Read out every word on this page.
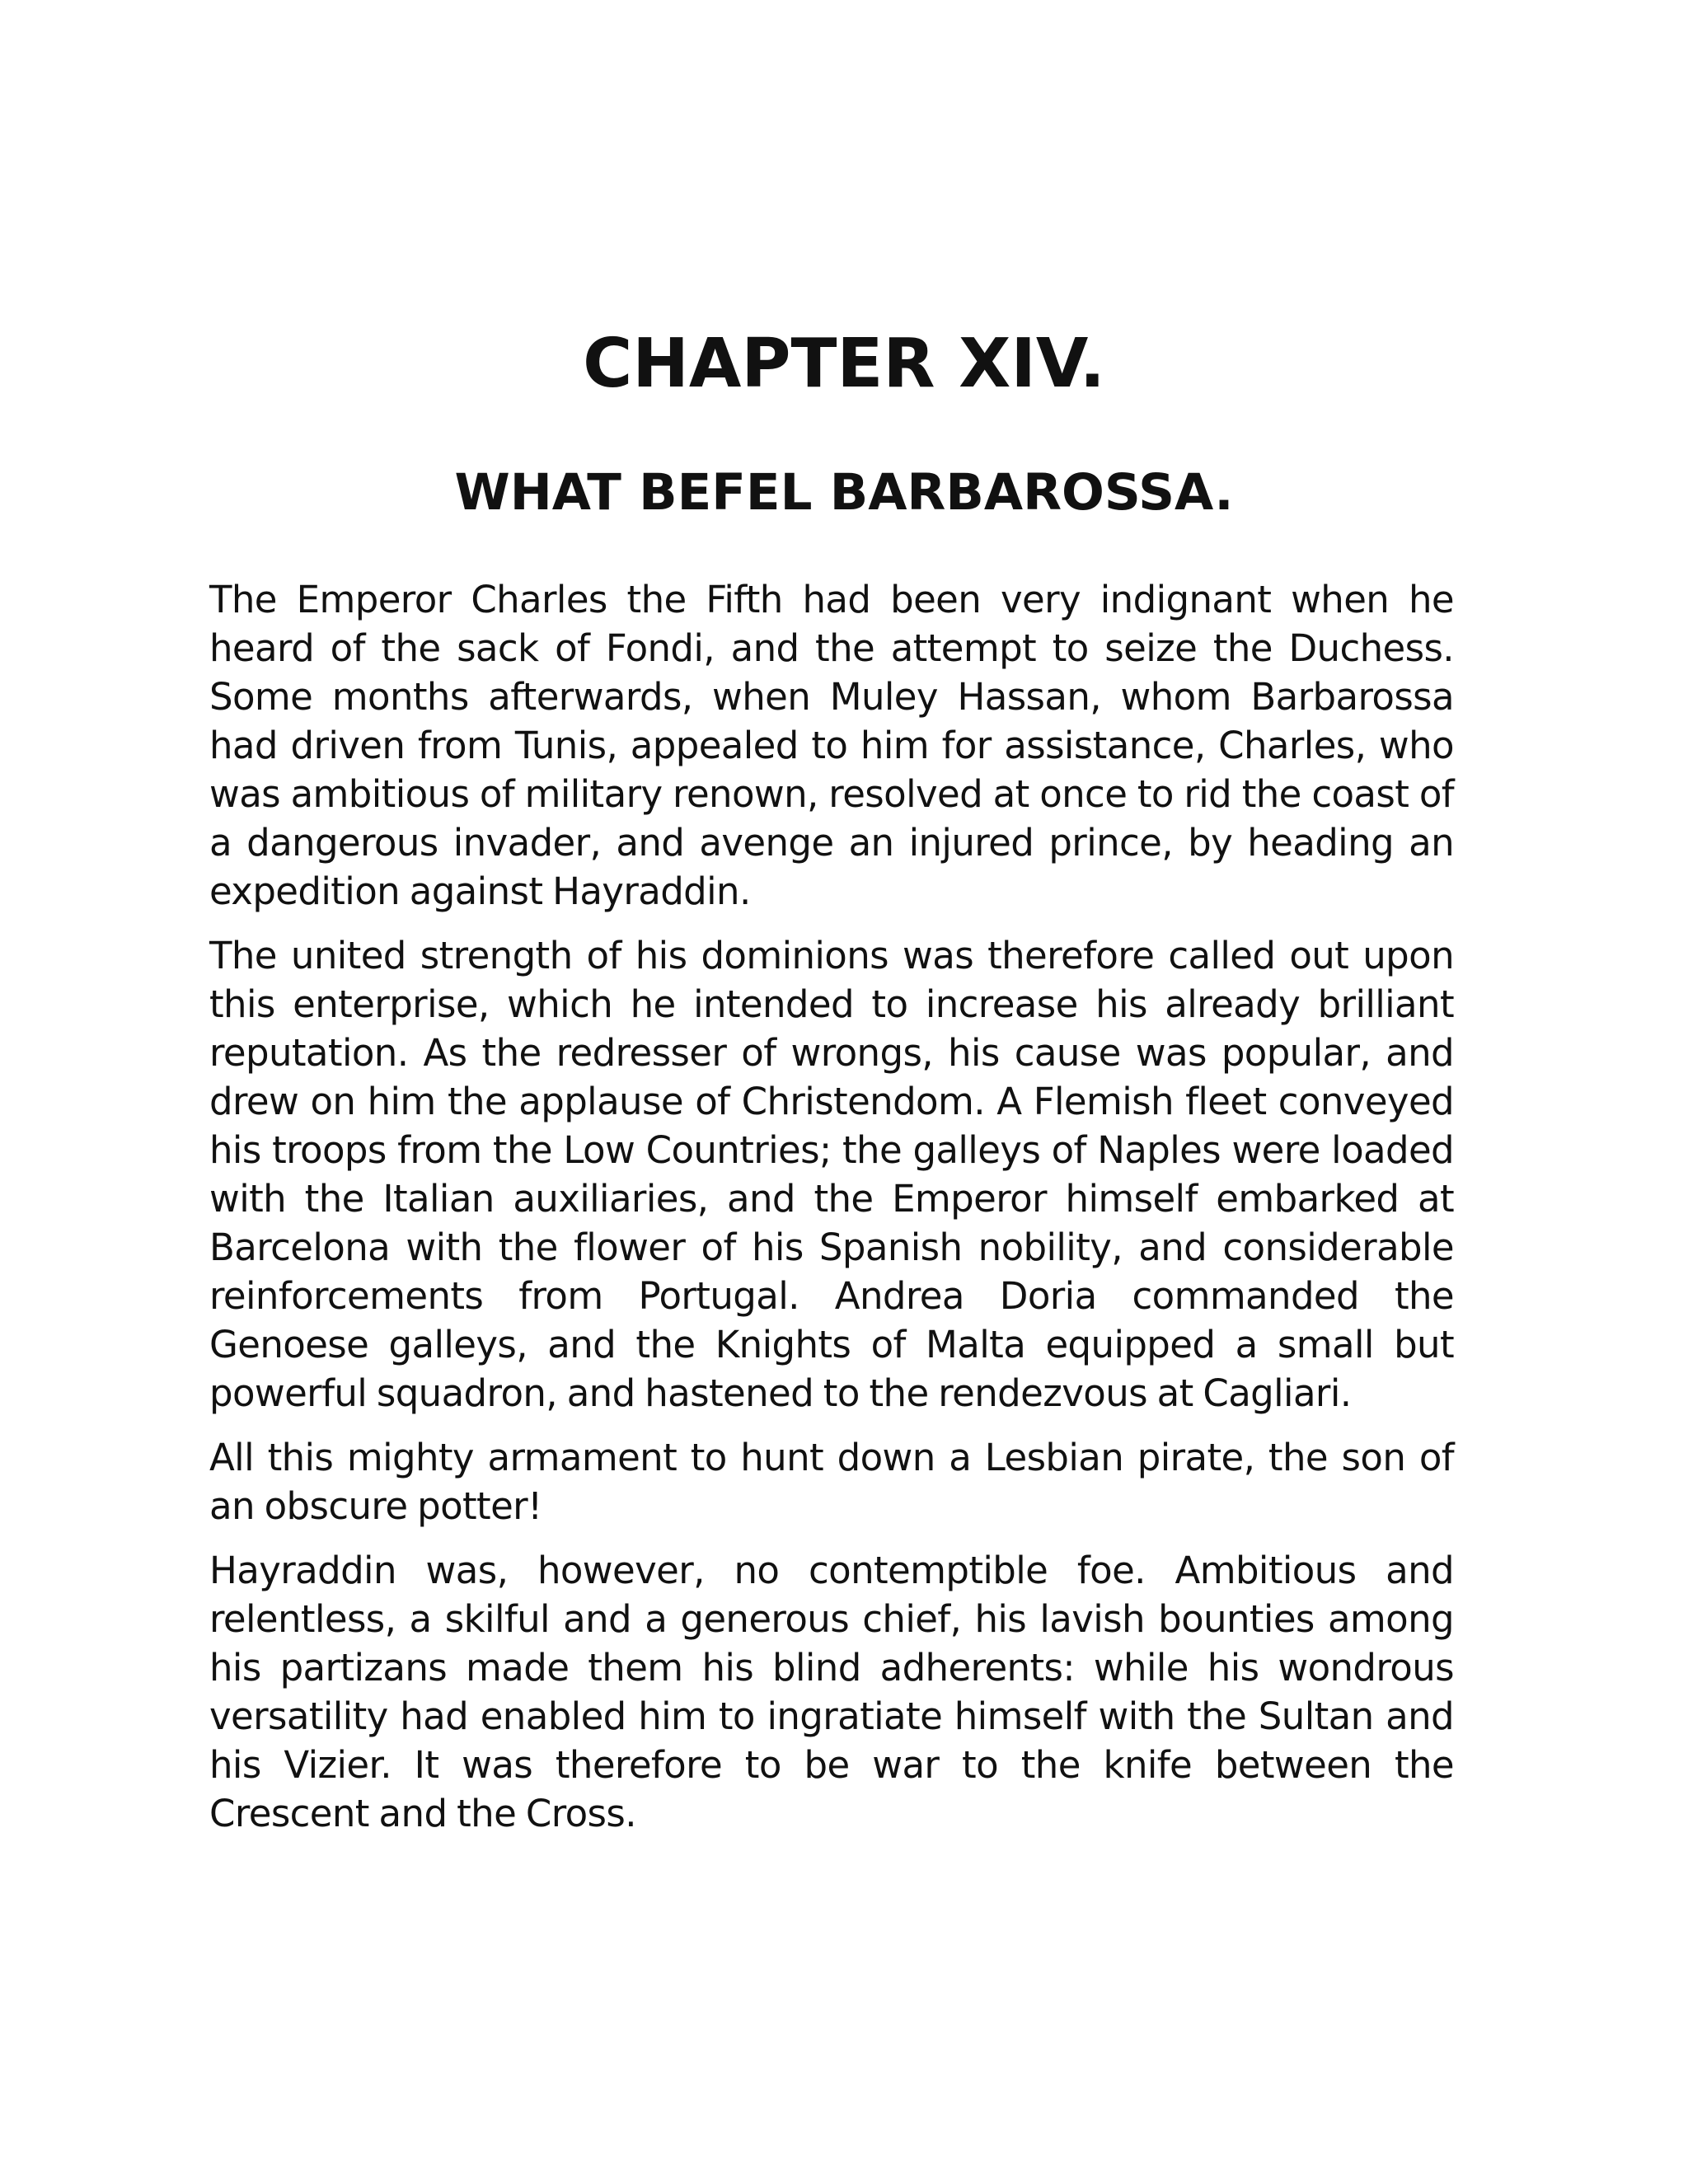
CHAPTER XIV.
WHAT BEFEL BARBAROSSA.

The Emperor Charles the Fifth had been very indignant when he heard of the sack of Fondi, and the attempt to seize the Duchess. Some months afterwards, when Muley Hassan, whom Barbarossa had driven from Tunis, appealed to him for assistance, Charles, who was ambitious of military renown, resolved at once to rid the coast of a dangerous invader, and avenge an injured prince, by heading an expedition against Hayraddin.

The united strength of his dominions was therefore called out upon this enterprise, which he intended to increase his already brilliant reputation. As the redresser of wrongs, his cause was popular, and drew on him the applause of Christendom. A Flemish fleet conveyed his troops from the Low Countries; the galleys of Naples were loaded with the Italian auxiliaries, and the Emperor himself embarked at Barcelona with the flower of his Spanish nobility, and considerable reinforcements from Portugal. Andrea Doria commanded the Genoese galleys, and the Knights of Malta equipped a small but powerful squadron, and hastened to the rendezvous at Cagliari.

All this mighty armament to hunt down a Lesbian pirate, the son of an obscure potter!

Hayraddin was, however, no contemptible foe. Ambitious and relentless, a skilful and a generous chief, his lavish bounties among his partizans made them his blind adherents: while his wondrous versatility had enabled him to ingratiate himself with the Sultan and his Vizier. It was therefore to be war to the knife between the Crescent and the Cross.
